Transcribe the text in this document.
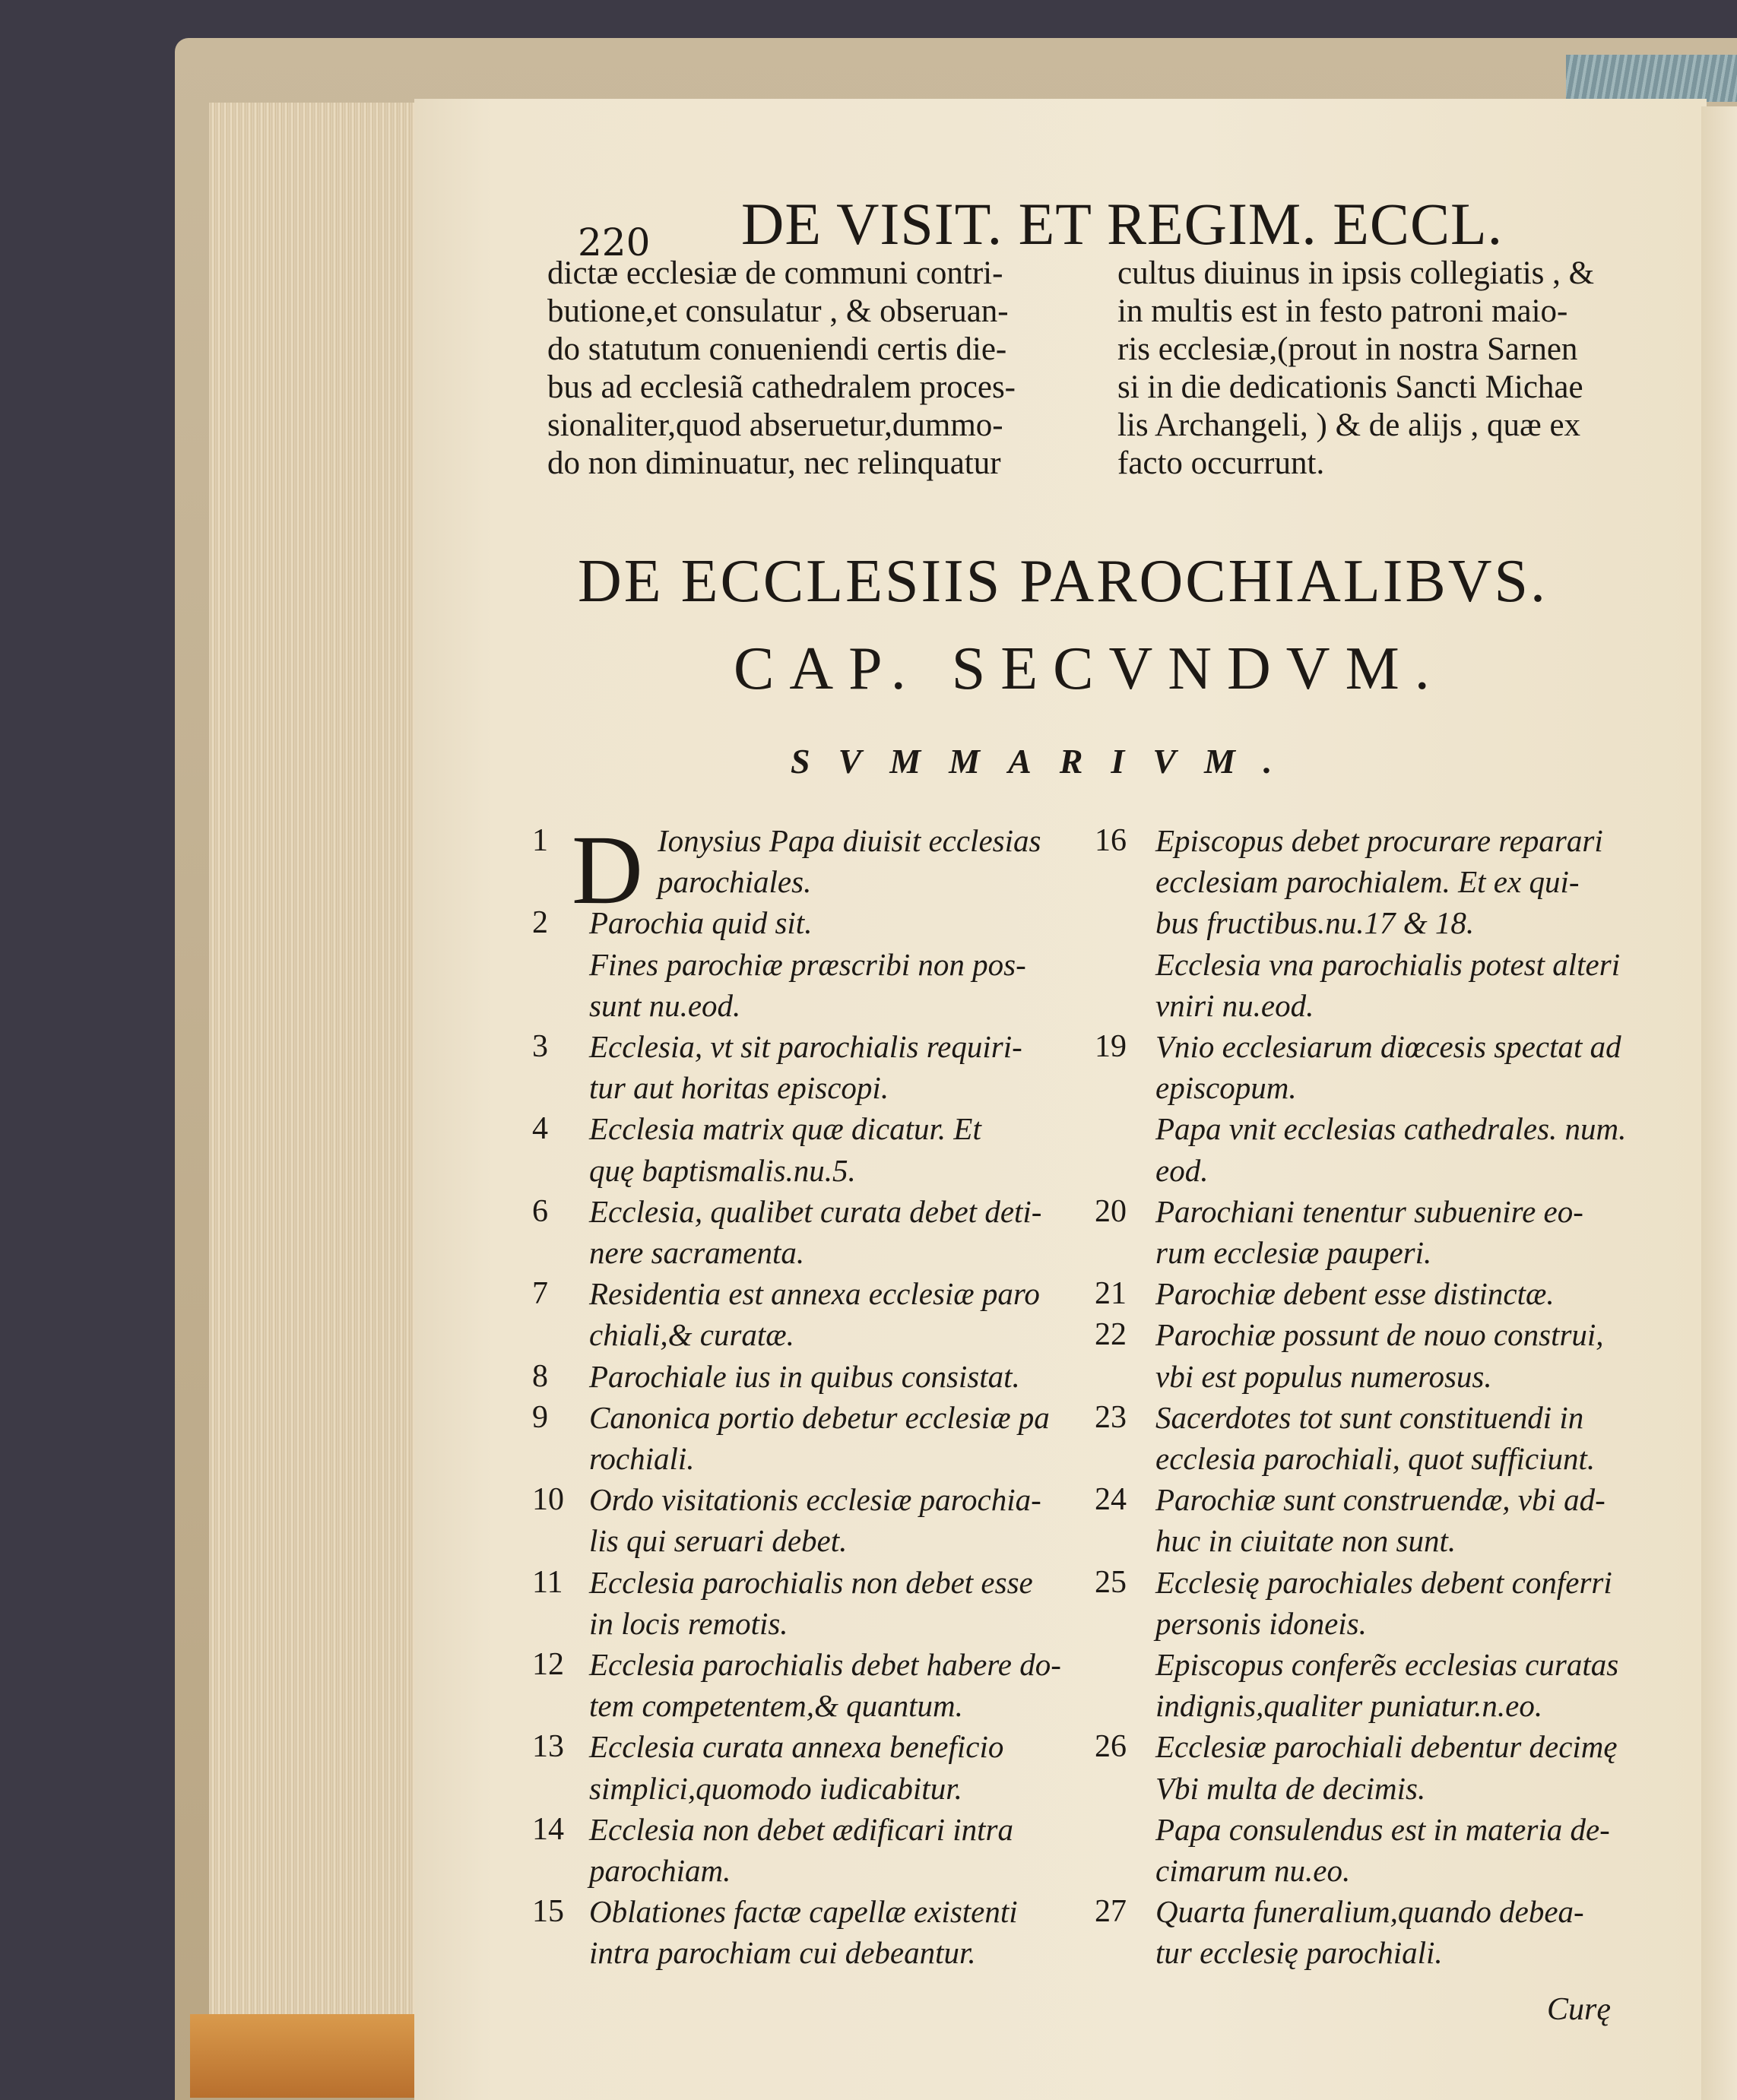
220 DE VISIT. ET REGIM. ECCL.
dictæ ecclesiæ de communi contri-
butione,et consulatur , & obseruan-
do statutum conueniendi certis die-
bus ad ecclesiã cathedralem proces-
sionaliter,quod abseruetur,dummo-
do non diminuatur, nec relinquatur
cultus diuinus in ipsis collegiatis , &
in multis est in festo patroni maio-
ris ecclesiæ,(prout in nostra Sarnen
si in die dedicationis Sancti Michae
lis Archangeli, ) & de alijs , quæ ex
facto occurrunt.
DE ECCLESIIS PAROCHIALIBVS.
CAP. SECVNDVM.
SVMMARIVM.
D
1	Ionysius Papa diuisit ecclesias
parochiales.
2 Parochia quid sit.
Fines parochiæ præscribi non pos-
sunt nu.eod.
3 Ecclesia, vt sit parochialis requiri-
tur aut horitas episcopi.
4 Ecclesia matrix quæ dicatur. Et
quę baptismalis.nu.5.
6 Ecclesia, qualibet curata debet deti-
nere sacramenta.
7 Residentia est annexa ecclesiæ paro
chiali,& curatæ.
8 Parochiale ius in quibus consistat.
9 Canonica portio debetur ecclesiæ pa
rochiali.
10 Ordo visitationis ecclesiæ parochia-
lis qui seruari debet.
11 Ecclesia parochialis non debet esse
in locis remotis.
12 Ecclesia parochialis debet habere do-
tem competentem,& quantum.
13 Ecclesia curata annexa beneficio
simplici,quomodo iudicabitur.
14 Ecclesia non debet ædificari intra
parochiam.
15 Oblationes factæ capellæ existenti
intra parochiam cui debeantur.
16 Episcopus debet procurare reparari
ecclesiam parochialem. Et ex qui-
bus fructibus.nu.17 & 18.
Ecclesia vna parochialis potest alteri
vniri nu.eod.
19 Vnio ecclesiarum diœcesis spectat ad
episcopum.
Papa vnit ecclesias cathedrales. num.
eod.
20 Parochiani tenentur subuenire eo-
rum ecclesiæ pauperi.
21 Parochiæ debent esse distinctæ.
22 Parochiæ possunt de nouo construi,
vbi est populus numerosus.
23 Sacerdotes tot sunt constituendi in
ecclesia parochiali, quot sufficiunt.
24 Parochiæ sunt construendæ, vbi ad-
huc in ciuitate non sunt.
25 Ecclesię parochiales debent conferri
personis idoneis.
Episcopus conferẽs ecclesias curatas
indignis,qualiter puniatur.n.eo.
26 Ecclesiæ parochiali debentur decimę
Vbi multa de decimis.
Papa consulendus est in materia de-
cimarum nu.eo.
27 Quarta funeralium,quando debea-
tur ecclesię parochiali.
Curę
